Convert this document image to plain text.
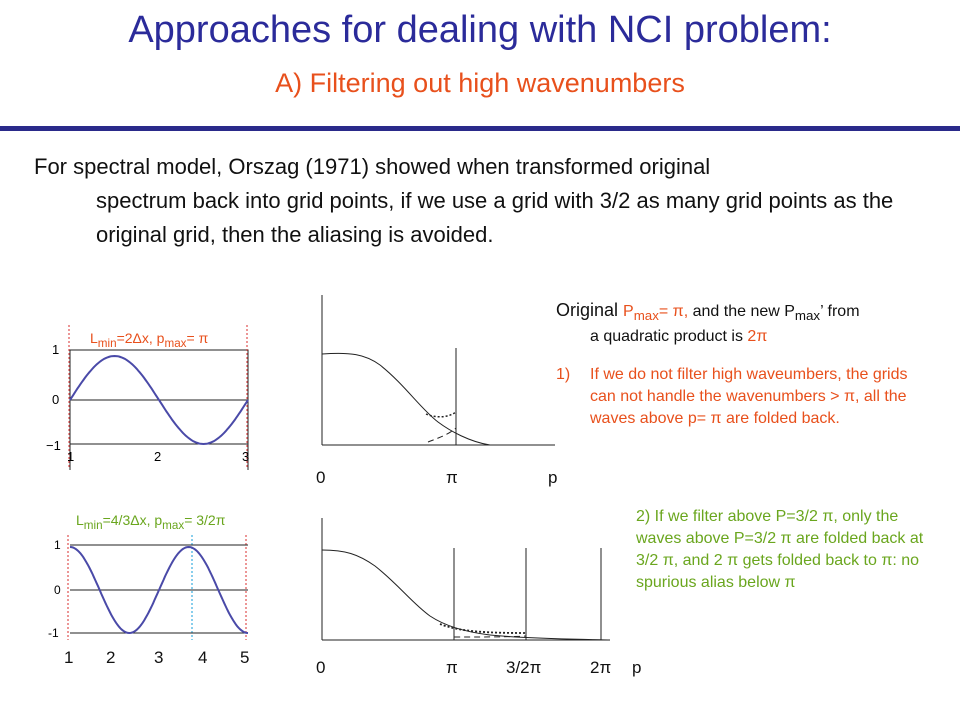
Approaches for dealing with NCI problem:
A) Filtering out high wavenumbers
For spectral model, Orszag (1971) showed when transformed original
spectrum back into grid points, if we use a grid with 3/2 as many grid points as the original grid, then the aliasing is avoided.
$L_{min}=2\Delta x$, $p_{max}= \pi$
1
0
−1
1	2	3
$L_{min}=4/3\Delta x$, $p_{max}= 3/2\pi$
1
0
-1
1 2 3 4 5
0	π	p
0	π	3/2π	2π p
Original $P_{max}= \pi$, and the new $P_{max}$’ from
a quadratic product is 2π
1)	If we do not filter high waveumbers, the grids can not handle the wavenumbers > π, all the waves above p= π are folded back.
2) If we filter above P=3/2 π, only the waves above P=3/2 π are folded back at 3/2 π, and 2 π gets folded back to π: no spurious alias below π
